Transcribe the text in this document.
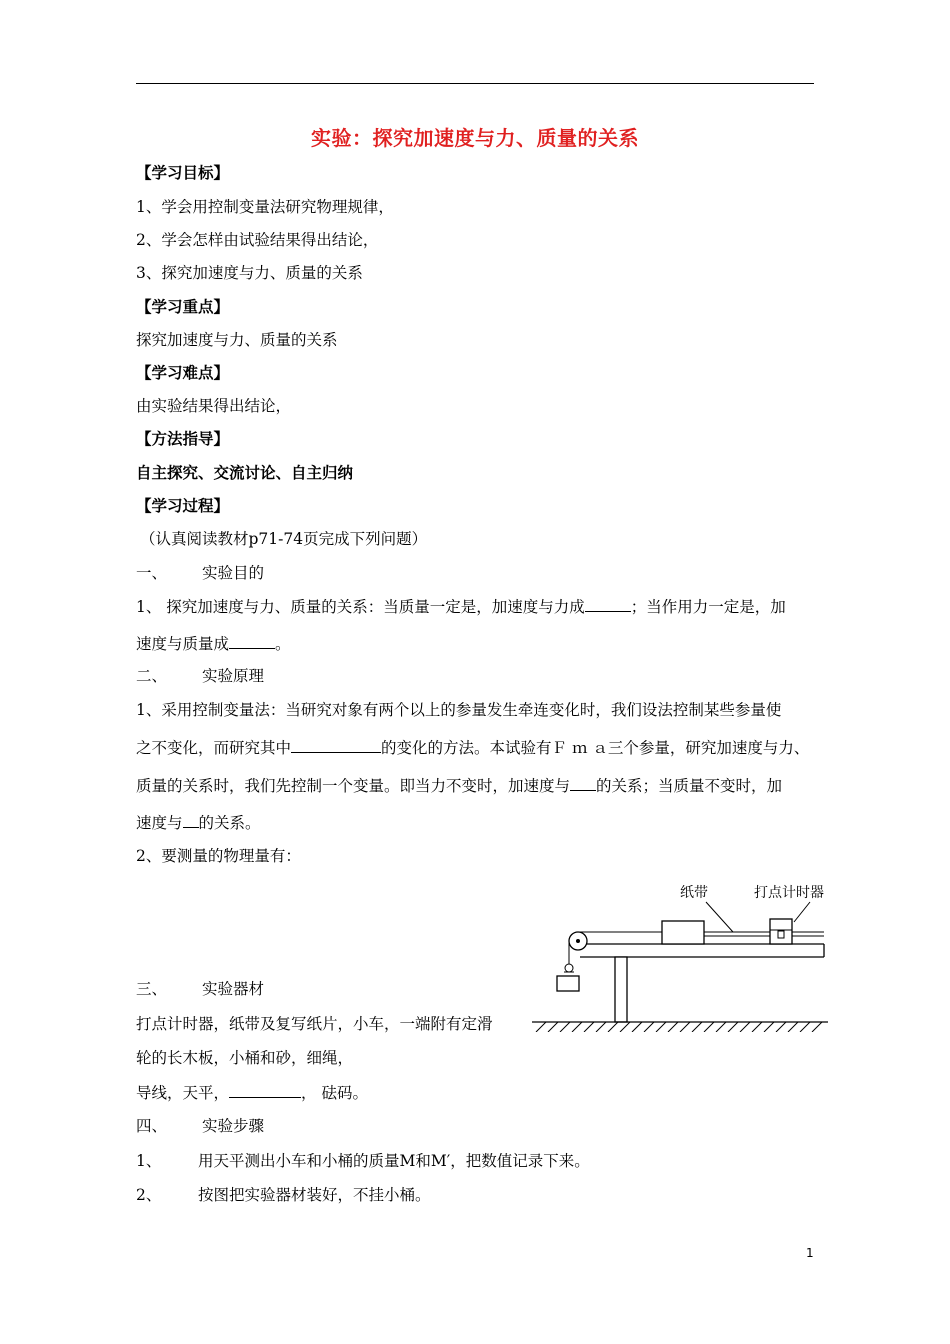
实验：探究加速度与力、质量的关系
【学习目标】
1、学会用控制变量法研究物理规律，
2、学会怎样由试验结果得出结论，
3、探究加速度与力、质量的关系
【学习重点】
探究加速度与力、质量的关系
【学习难点】
由实验结果得出结论，
【方法指导】
自主探究、交流讨论、自主归纳
【学习过程】
（认真阅读教材p71-74页完成下列问题）
一、 实验目的
1、 探究加速度与力、质量的关系：当质量一定是，加速度与力成	；当作用力一定是，加
速度与质量成	。
二、 实验原理
1、采用控制变量法：当研究对象有两个以上的参量发生牵连变化时，我们设法控制某些参量使
之不变化，而研究其中	的变化的方法。本试验有Ｆ ｍ ａ三个参量，研究加速度与力、
质量的关系时，我们先控制一个变量。即当力不变时，加速度与 的关系；当质量不变时，加
速度与 的关系。
2、要测量的物理量有：
纸带	打点计时器
三、 实验器材
打点计时器，纸带及复写纸片，小车，一端附有定滑
轮的长木板，小桶和砂，细绳，
导线，天平，	， 砝码。
四、 实验步骤
1、 用天平测出小车和小桶的质量M和M′，把数值记录下来。
2、 按图把实验器材装好，不挂小桶。
1
